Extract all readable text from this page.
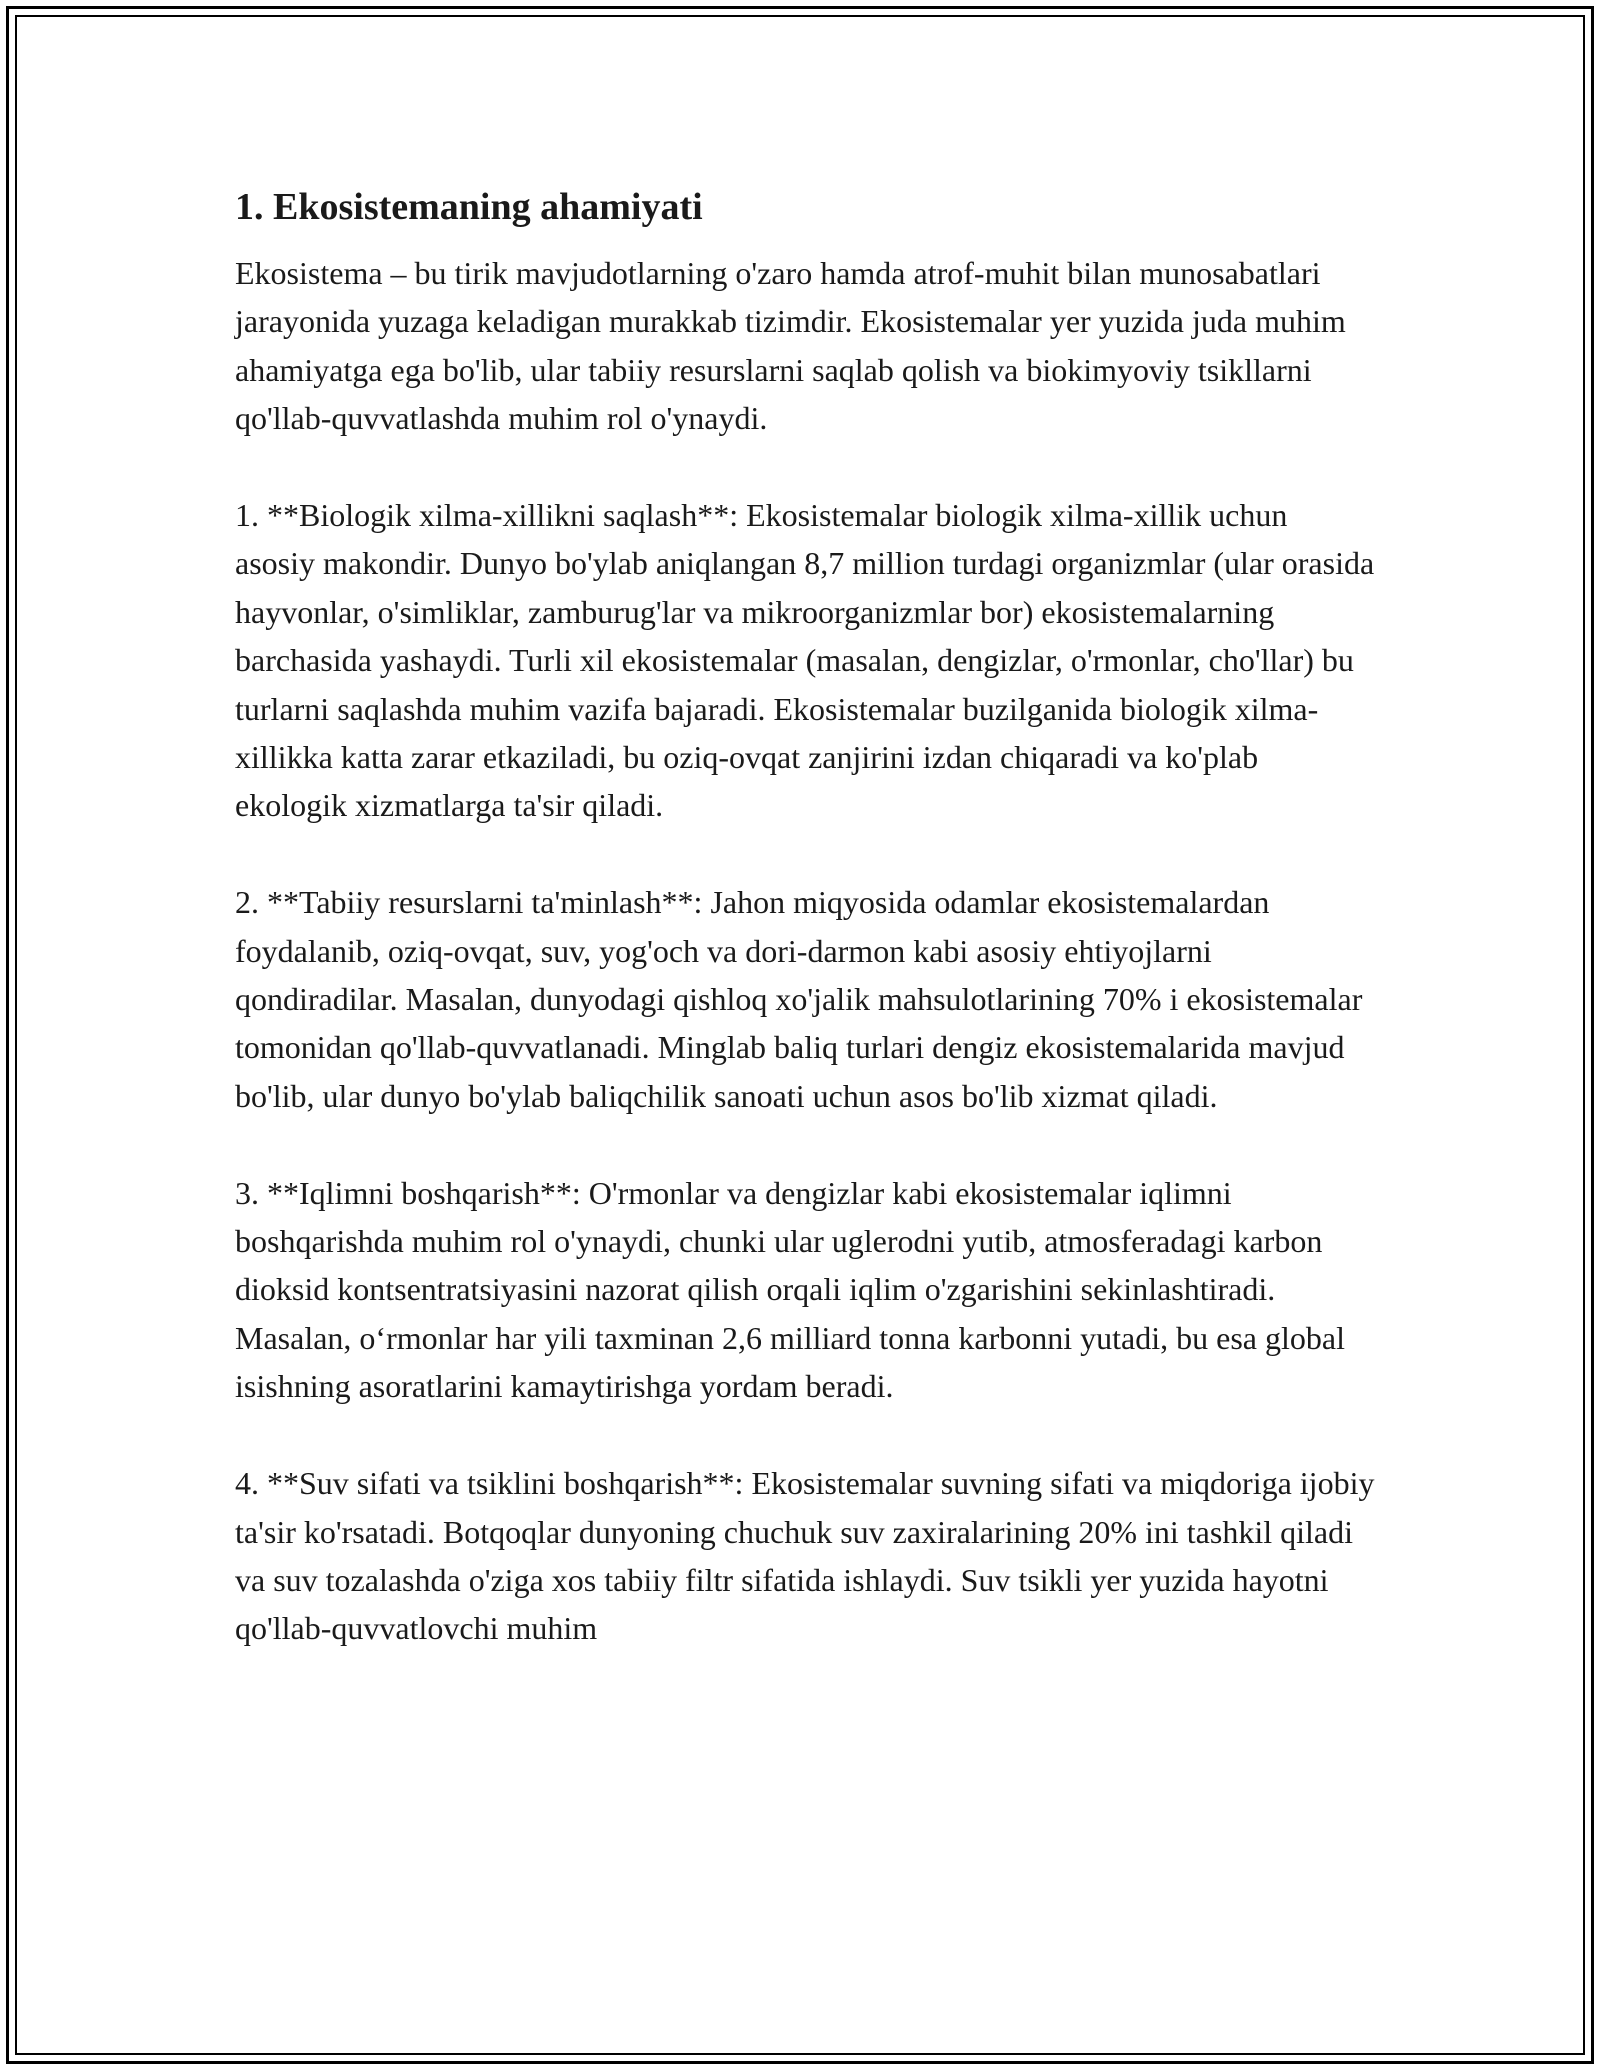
1. Ekosistemaning ahamiyati

Ekosistema – bu tirik mavjudotlarning o'zaro hamda atrof-muhit bilan munosabatlari jarayonida yuzaga keladigan murakkab tizimdir. Ekosistemalar yer yuzida juda muhim ahamiyatga ega bo'lib, ular tabiiy resurslarni saqlab qolish va biokimyoviy tsikllarni qo'llab-quvvatlashda muhim rol o'ynaydi.

1. **Biologik xilma-xillikni saqlash**: Ekosistemalar biologik xilma-xillik uchun asosiy makondir. Dunyo bo'ylab aniqlangan 8,7 million turdagi organizmlar (ular orasida hayvonlar, o'simliklar, zamburug'lar va mikroorganizmlar bor) ekosistemalarning barchasida yashaydi. Turli xil ekosistemalar (masalan, dengizlar, o'rmonlar, cho'llar) bu turlarni saqlashda muhim vazifa bajaradi. Ekosistemalar buzilganida biologik xilma-xillikka katta zarar etkaziladi, bu oziq-ovqat zanjirini izdan chiqaradi va ko'plab ekologik xizmatlarga ta'sir qiladi.

2. **Tabiiy resurslarni ta'minlash**: Jahon miqyosida odamlar ekosistemalardan foydalanib, oziq-ovqat, suv, yog'och va dori-darmon kabi asosiy ehtiyojlarni qondiradilar. Masalan, dunyodagi qishloq xo'jalik mahsulotlarining 70% i ekosistemalar tomonidan qo'llab-quvvatlanadi. Minglab baliq turlari dengiz ekosistemalarida mavjud bo'lib, ular dunyo bo'ylab baliqchilik sanoati uchun asos bo'lib xizmat qiladi.

3. **Iqlimni boshqarish**: O'rmonlar va dengizlar kabi ekosistemalar iqlimni boshqarishda muhim rol o'ynaydi, chunki ular uglerodni yutib, atmosferadagi karbon dioksid kontsentratsiyasini nazorat qilish orqali iqlim o'zgarishini sekinlashtiradi. Masalan, o‘rmonlar har yili taxminan 2,6 milliard tonna karbonni yutadi, bu esa global isishning asoratlarini kamaytirishga yordam beradi.

4. **Suv sifati va tsiklini boshqarish**: Ekosistemalar suvning sifati va miqdoriga ijobiy ta'sir ko'rsatadi. Botqoqlar dunyoning chuchuk suv zaxiralarining 20% ini tashkil qiladi va suv tozalashda o'ziga xos tabiiy filtr sifatida ishlaydi. Suv tsikli yer yuzida hayotni qo'llab-quvvatlovchi muhim
